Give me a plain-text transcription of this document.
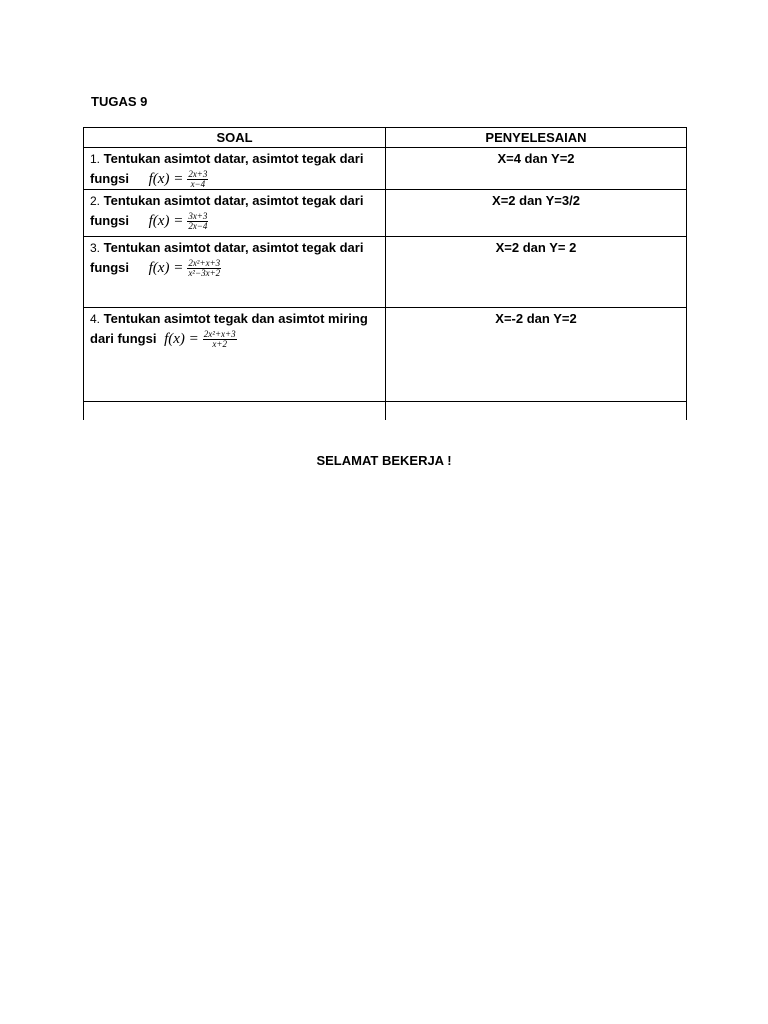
TUGAS 9
SOAL	PENYELESAIAN
1. Tentukan asimtot datar, asimtot tegak dari
fungsi $f(x) = \frac{2x+3}{x-4}$	X=4 dan Y=2
2. Tentukan asimtot datar, asimtot tegak dari
fungsi $f(x) = \frac{3x+3}{2x-4}$	X=2 dan Y=3/2
3. Tentukan asimtot datar, asimtot tegak dari
fungsi $f(x) = \frac{\text{2x²+x+3}}{\text{x²−3x+2}}$	X=2 dan Y= 2
4. Tentukan asimtot tegak dan asimtot miring
dari fungsi $f(x) = \frac{\text{2x²+x+3}}{x+2}$	X=-2 dan Y=2

SELAMAT BEKERJA !
